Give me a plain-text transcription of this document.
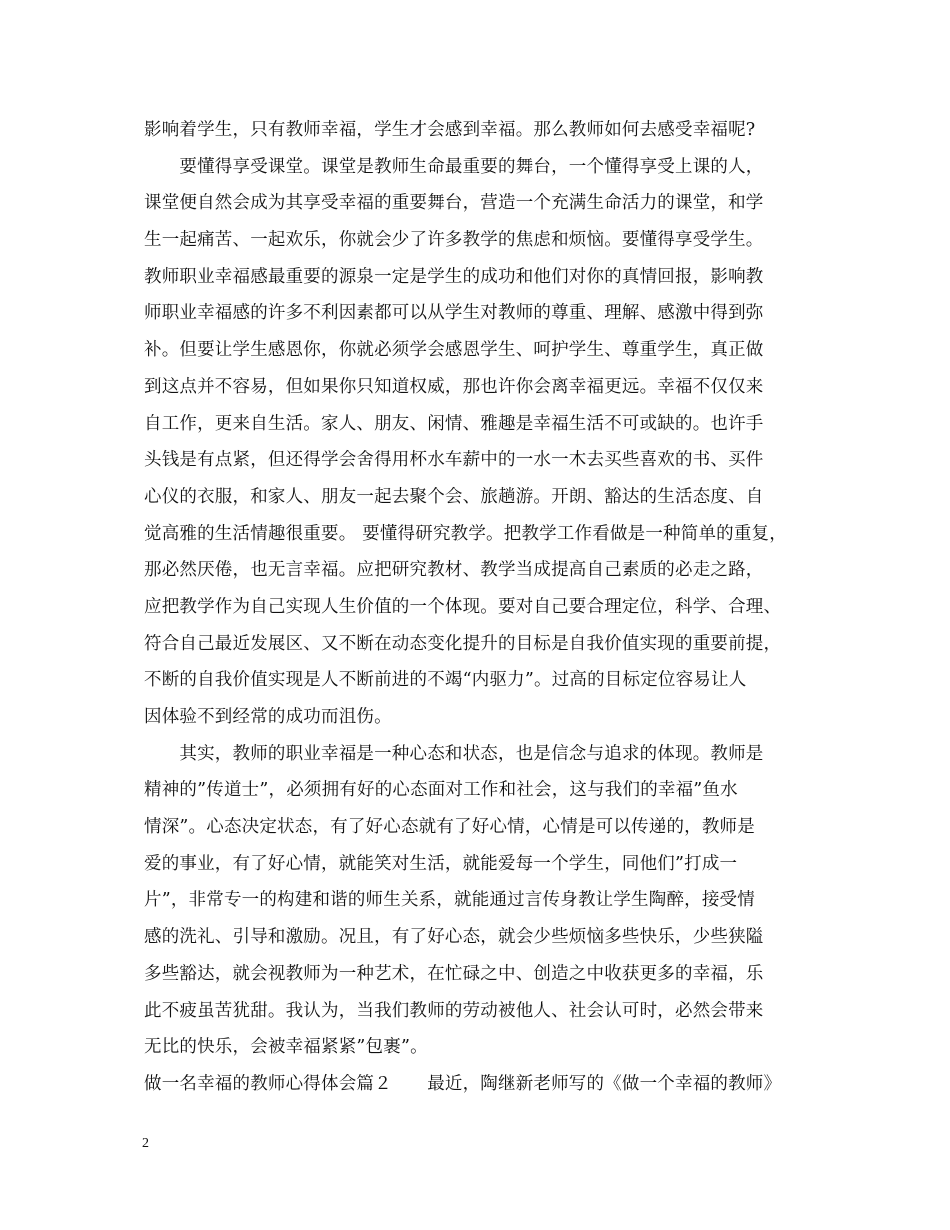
影响着学生，只有教师幸福，学生才会感到幸福。那么教师如何去感受幸福呢?
　　要懂得享受课堂。课堂是教师生命最重要的舞台，一个懂得享受上课的人，
课堂便自然会成为其享受幸福的重要舞台，营造一个充满生命活力的课堂，和学
生一起痛苦、一起欢乐，你就会少了许多教学的焦虑和烦恼。要懂得享受学生。
教师职业幸福感最重要的源泉一定是学生的成功和他们对你的真情回报，影响教
师职业幸福感的许多不利因素都可以从学生对教师的尊重、理解、感激中得到弥
补。但要让学生感恩你，你就必须学会感恩学生、呵护学生、尊重学生，真正做
到这点并不容易，但如果你只知道权威，那也许你会离幸福更远。幸福不仅仅来
自工作，更来自生活。家人、朋友、闲情、雅趣是幸福生活不可或缺的。也许手
头钱是有点紧，但还得学会舍得用杯水车薪中的一水一木去买些喜欢的书、买件
心仪的衣服，和家人、朋友一起去聚个会、旅趟游。开朗、豁达的生活态度、自
觉高雅的生活情趣很重要。 要懂得研究教学。把教学工作看做是一种简单的重复，
那必然厌倦，也无言幸福。应把研究教材、教学当成提高自己素质的必走之路，
应把教学作为自己实现人生价值的一个体现。要对自己要合理定位，科学、合理、
符合自己最近发展区、又不断在动态变化提升的目标是自我价值实现的重要前提，
不断的自我价值实现是人不断前进的不竭“内驱力”。过高的目标定位容易让人
因体验不到经常的成功而沮伤。
　　其实，教师的职业幸福是一种心态和状态，也是信念与追求的体现。教师是
精神的”传道士”，必须拥有好的心态面对工作和社会，这与我们的幸福”鱼水
情深”。心态决定状态，有了好心态就有了好心情，心情是可以传递的，教师是
爱的事业，有了好心情，就能笑对生活，就能爱每一个学生，同他们”打成一
片”，非常专一的构建和谐的师生关系，就能通过言传身教让学生陶醉，接受情
感的洗礼、引导和激励。况且，有了好心态，就会少些烦恼多些快乐，少些狭隘
多些豁达，就会视教师为一种艺术，在忙碌之中、创造之中收获更多的幸福，乐
此不疲虽苦犹甜。我认为，当我们教师的劳动被他人、社会认可时，必然会带来
无比的快乐，会被幸福紧紧”包裹”。
做一名幸福的教师心得体会篇２　　最近，陶继新老师写的《做一个幸福的教师》
2
